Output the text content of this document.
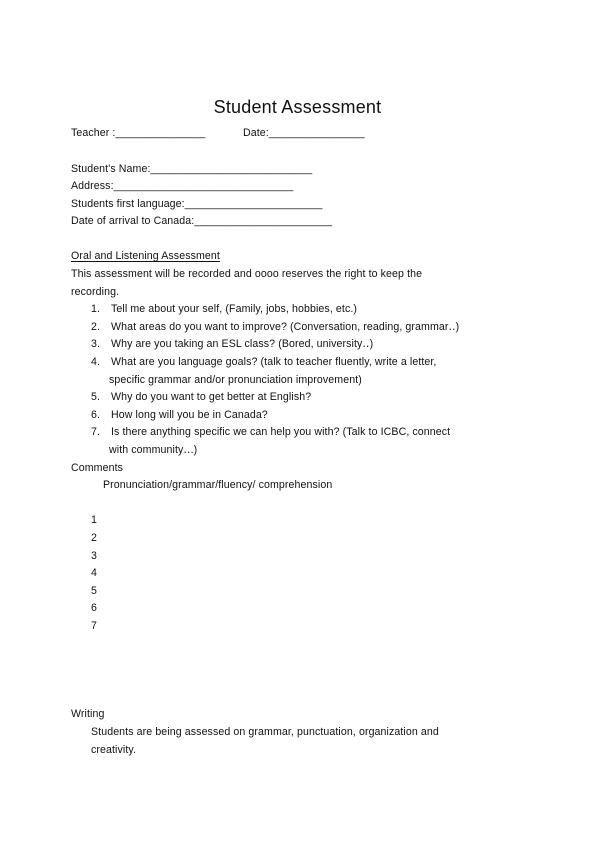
Student Assessment
Teacher :_______________	Date:________________
Student's Name:___________________________
Address:______________________________
Students first language:_______________________
Date of arrival to Canada:_______________________
Oral and Listening Assessment
This assessment will be recorded and oooo reserves the right to keep the
recording.
1. Tell me about your self, (Family, jobs, hobbies, etc.)
2. What areas do you want to improve? (Conversation, reading, grammar‥)
3. Why are you taking an ESL class? (Bored, university‥)
4. What are you language goals? (talk to teacher fluently, write a letter,
specific grammar and/or pronunciation improvement)
5. Why do you want to get better at English?
6. How long will you be in Canada?
7. Is there anything specific we can help you with? (Talk to ICBC, connect
with community‥.)
Comments
Pronunciation/grammar/fluency/ comprehension
1
2
3
4
5
6
7
Writing
Students are being assessed on grammar, punctuation, organization and
creativity.
